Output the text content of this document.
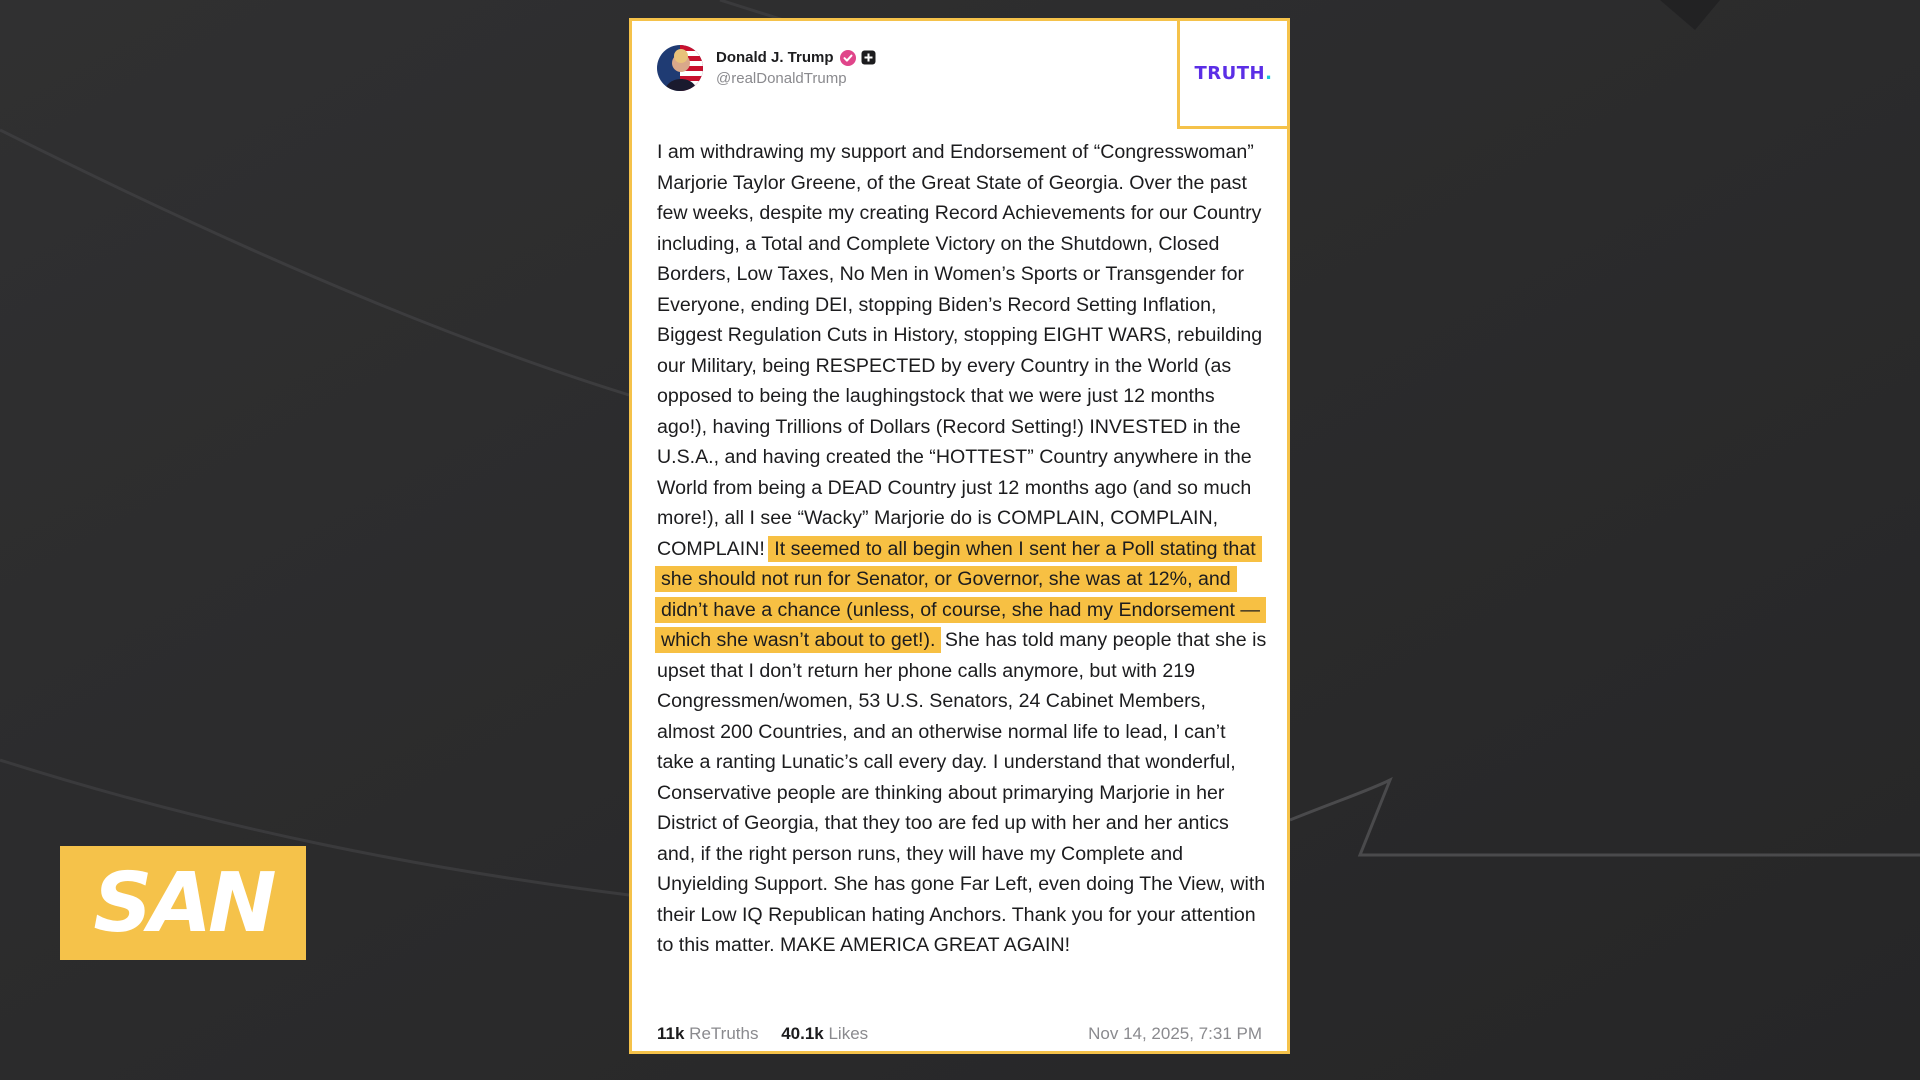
TRUTH.
Donald J. Trump
@realDonaldTrump
I am withdrawing my support and Endorsement of “Congresswoman” Marjorie Taylor Greene, of the Great State of Georgia. Over the past few weeks, despite my creating Record Achievements for our Country including, a Total and Complete Victory on the Shutdown, Closed Borders, Low Taxes, No Men in Women’s Sports or Transgender for Everyone, ending DEI, stopping Biden’s Record Setting Inflation, Biggest Regulation Cuts in History, stopping EIGHT WARS, rebuilding our Military, being RESPECTED by every Country in the World (as opposed to being the laughingstock that we were just 12 months ago!), having Trillions of Dollars (Record Setting!) INVESTED in the U.S.A., and having created the “HOTTEST” Country anywhere in the World from being a DEAD Country just 12 months ago (and so much more!), all I see “Wacky” Marjorie do is COMPLAIN, COMPLAIN, COMPLAIN! It seemed to all begin when I sent her a Poll stating that she should not run for Senator, or Governor, she was at 12%, and didn’t have a chance (unless, of course, she had my Endorsement — which she wasn’t about to get!). She has told many people that she is upset that I don’t return her phone calls anymore, but with 219 Congressmen/women, 53 U.S. Senators, 24 Cabinet Members, almost 200 Countries, and an otherwise normal life to lead, I can’t take a ranting Lunatic’s call every day. I understand that wonderful, Conservative people are thinking about primarying Marjorie in her District of Georgia, that they too are fed up with her and her antics and, if the right person runs, they will have my Complete and Unyielding Support. She has gone Far Left, even doing The View, with their Low IQ Republican hating Anchors. Thank you for your attention to this matter. MAKE AMERICA GREAT AGAIN!
11k ReTruths 40.1k Likes	Nov 14, 2025, 7:31 PM
SAN
